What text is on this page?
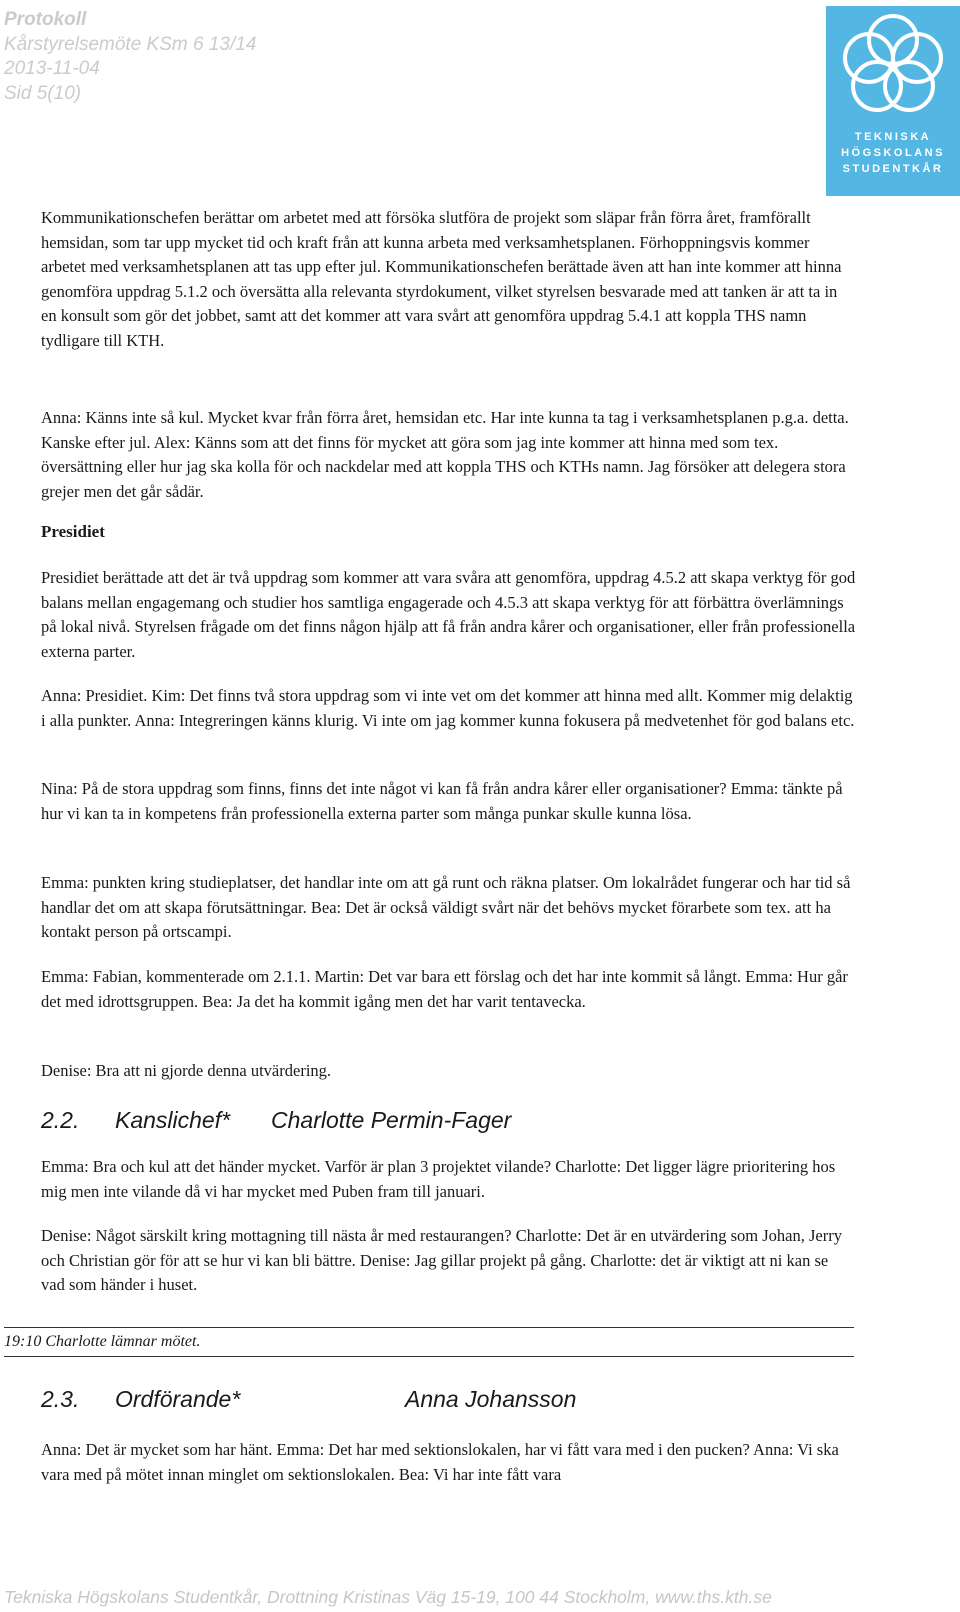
Protokoll
Kårstyrelsemöte KSm 6 13/14
2013-11-04
Sid 5(10)
TEKNISKA
HÖGSKOLANS
STUDENTKÅR

Kommunikationschefen berättar om arbetet med att försöka slutföra de projekt som släpar från förra året, framförallt hemsidan, som tar upp mycket tid och kraft från att kunna arbeta med verksamhetsplanen. Förhoppningsvis kommer arbetet med verksamhetsplanen att tas upp efter jul. Kommunikationschefen berättade även att han inte kommer att hinna genomföra uppdrag 5.1.2 och översätta alla relevanta styrdokument, vilket styrelsen besvarade med att tanken är att ta in en konsult som gör det jobbet, samt att det kommer att vara svårt att genomföra uppdrag 5.4.1 att koppla THS namn tydligare till KTH.

Anna: Känns inte så kul. Mycket kvar från förra året, hemsidan etc. Har inte kunna ta tag i verksamhetsplanen p.g.a. detta. Kanske efter jul. Alex: Känns som att det finns för mycket att göra som jag inte kommer att hinna med som tex. översättning eller hur jag ska kolla för och nackdelar med att koppla THS och KTHs namn. Jag försöker att delegera stora grejer men det går sådär.

Presidiet

Presidiet berättade att det är två uppdrag som kommer att vara svåra att genomföra, uppdrag 4.5.2 att skapa verktyg för god balans mellan engagemang och studier hos samtliga engagerade och 4.5.3 att skapa verktyg för att förbättra överlämnings på lokal nivå. Styrelsen frågade om det finns någon hjälp att få från andra kårer och organisationer, eller från professionella externa parter.

Anna: Presidiet. Kim: Det finns två stora uppdrag som vi inte vet om det kommer att hinna med allt. Kommer mig delaktig i alla punkter. Anna: Integreringen känns klurig. Vi inte om jag kommer kunna fokusera på medvetenhet för god balans etc.

Nina: På de stora uppdrag som finns, finns det inte något vi kan få från andra kårer eller organisationer? Emma: tänkte på hur vi kan ta in kompetens från professionella externa parter som många punkar skulle kunna lösa.

Emma: punkten kring studieplatser, det handlar inte om att gå runt och räkna platser. Om lokalrådet fungerar och har tid så handlar det om att skapa förutsättningar. Bea: Det är också väldigt svårt när det behövs mycket förarbete som tex. att ha kontakt person på ortscampi.

Emma: Fabian, kommenterade om 2.1.1. Martin: Det var bara ett förslag och det har inte kommit så långt. Emma: Hur går det med idrottsgruppen. Bea: Ja det ha kommit igång men det har varit tentavecka.

Denise: Bra att ni gjorde denna utvärdering.

Emma: Bra och kul att det händer mycket. Varför är plan 3 projektet vilande? Charlotte: Det ligger lägre prioritering hos mig men inte vilande då vi har mycket med Puben fram till januari.

Denise: Något särskilt kring mottagning till nästa år med restaurangen? Charlotte: Det är en utvärdering som Johan, Jerry och Christian gör för att se hur vi kan bli bättre. Denise: Jag gillar projekt på gång. Charlotte: det är viktigt att ni kan se vad som händer i huset.

Anna: Det är mycket som har hänt. Emma: Det har med sektionslokalen, har vi fått vara med i den pucken? Anna: Vi ska vara med på mötet innan minglet om sektionslokalen. Bea: Vi har inte fått vara

2.2. Kanslichef* Charlotte Permin-Fager
19:10 Charlotte lämnar mötet.
2.3. Ordförande*	Anna Johansson
Tekniska Högskolans Studentkår, Drottning Kristinas Väg 15-19, 100 44 Stockholm, www.ths.kth.se
